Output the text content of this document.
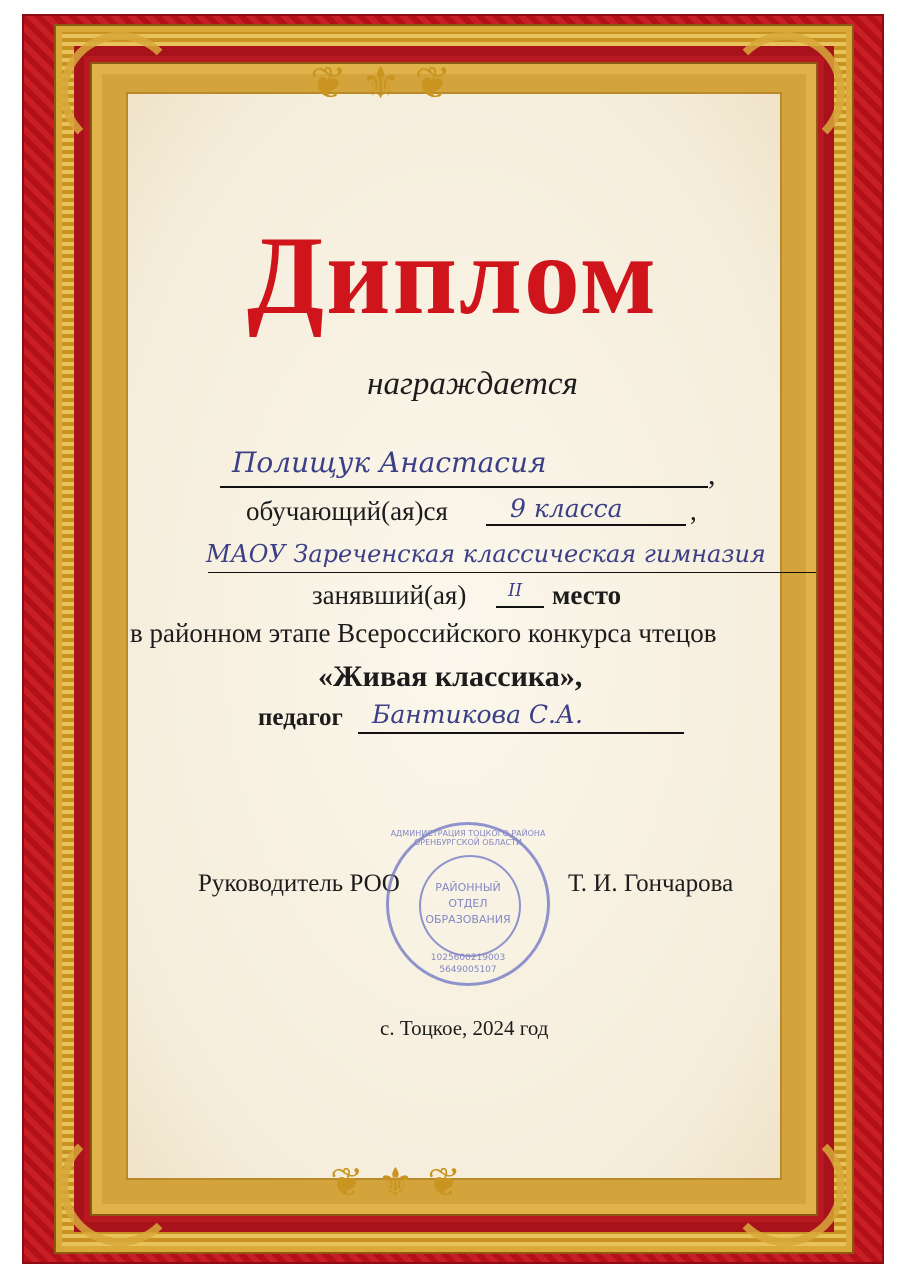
❦⚜❦
❦⚜❦
Диплом
награждается
Полищук Анастасия	,
обучающий(ая)ся 9 класса ,
МАОУ Зареченская классическая гимназия
занявший(ая) II место
в районном этапе Всероссийского конкурса чтецов
«Живая классика»,
педагог Бантикова С.А.
Руководитель РОО	Т. И. Гончарова
АДМИНИСТРАЦИЯ ТОЦКОГО РАЙОНА ОРЕНБУРГСКОЙ ОБЛАСТИ
РАЙОННЫЙ
ОТДЕЛ
ОБРАЗОВАНИЯ
1025600219003
5649005107
с. Тоцкое, 2024 год
